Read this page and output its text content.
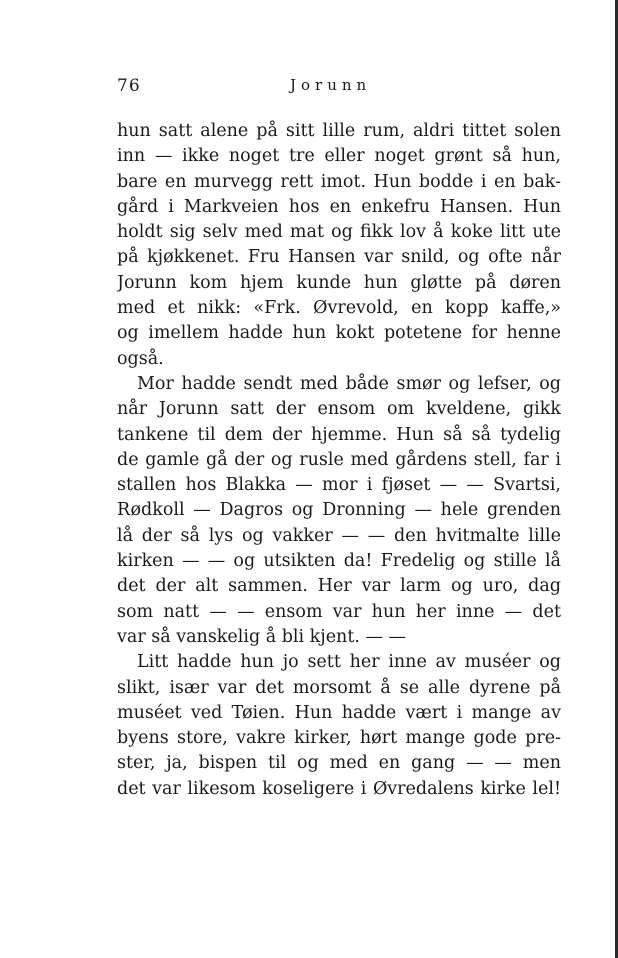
76	Jorunn
hun satt alene på sitt lille rum, aldri tittet solen
inn — ikke noget tre eller noget grønt så hun,
bare en murvegg rett imot. Hun bodde i en bak-
gård i Markveien hos en enkefru Hansen. Hun
holdt sig selv med mat og fikk lov å koke litt ute
på kjøkkenet. Fru Hansen var snild, og ofte når
Jorunn kom hjem kunde hun gløtte på døren
med et nikk: «Frk. Øvrevold, en kopp kaffe,»
og imellem hadde hun kokt potetene for henne
også.
Mor hadde sendt med både smør og lefser, og
når Jorunn satt der ensom om kveldene, gikk
tankene til dem der hjemme. Hun så så tydelig
de gamle gå der og rusle med gårdens stell, far i
stallen hos Blakka — mor i fjøset — — Svartsi,
Rødkoll — Dagros og Dronning — hele grenden
lå der så lys og vakker — — den hvitmalte lille
kirken — — og utsikten da! Fredelig og stille lå
det der alt sammen. Her var larm og uro, dag
som natt — — ensom var hun her inne — det
var så vanskelig å bli kjent. — —
Litt hadde hun jo sett her inne av muséer og
slikt, især var det morsomt å se alle dyrene på
muséet ved Tøien. Hun hadde vært i mange av
byens store, vakre kirker, hørt mange gode pre-
ster, ja, bispen til og med en gang — — men
det var likesom koseligere i Øvredalens kirke lel!
